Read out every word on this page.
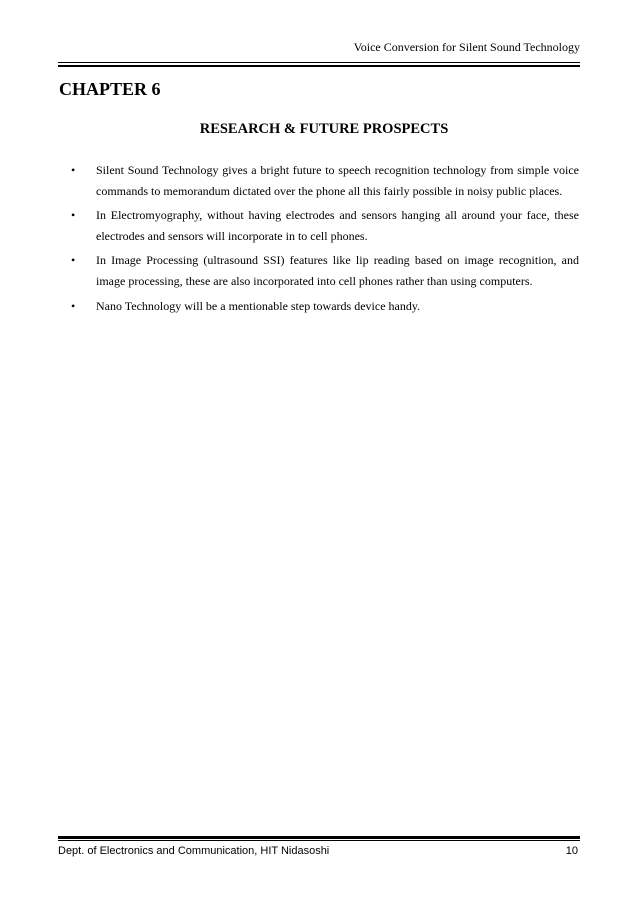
Voice Conversion for Silent Sound Technology
CHAPTER 6
RESEARCH & FUTURE PROSPECTS
• Silent Sound Technology gives a bright future to speech recognition technology from simple voice commands to memorandum dictated over the phone all this fairly possible in noisy public places.
• In Electromyography, without having electrodes and sensors hanging all around your face, these electrodes and sensors will incorporate in to cell phones.
• In Image Processing (ultrasound SSI) features like lip reading based on image recognition, and image processing, these are also incorporated into cell phones rather than using computers.
• Nano Technology will be a mentionable step towards device handy.
Dept. of Electronics and Communication, HIT Nidasoshi	10
